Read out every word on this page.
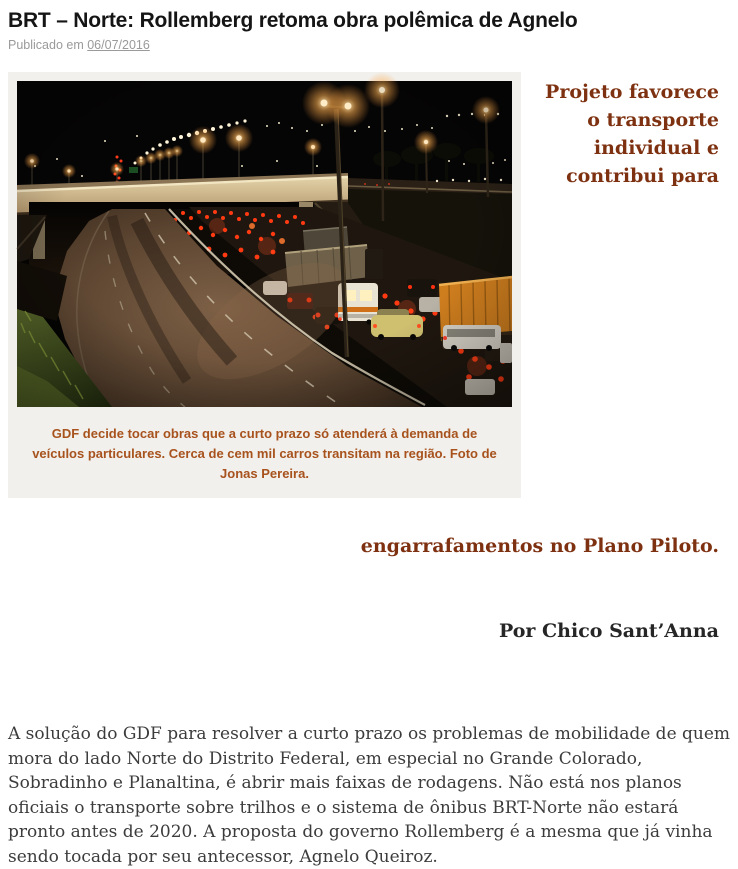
BRT – Norte: Rollemberg retoma obra polêmica de Agnelo

Publicado em 06/07/2016

GDF decide tocar obras que a curto prazo só atenderá à demanda de veículos particulares. Cerca de cem mil carros transitam na região. Foto de Jonas Pereira.
Projeto favorece o transporte individual e contribui para engarrafamentos no Plano Piloto.
Por Chico Sant’Anna

A solução do GDF para resolver a curto prazo os problemas de mobilidade de quem mora do lado Norte do Distrito Federal, em especial no Grande Colorado, Sobradinho e Planaltina, é abrir mais faixas de rodagens. Não está nos planos oficiais o transporte sobre trilhos e o sistema de ônibus BRT-Norte não estará pronto antes de 2020. A proposta do governo Rollemberg é a mesma que já vinha sendo tocada por seu antecessor, Agnelo Queiroz.
